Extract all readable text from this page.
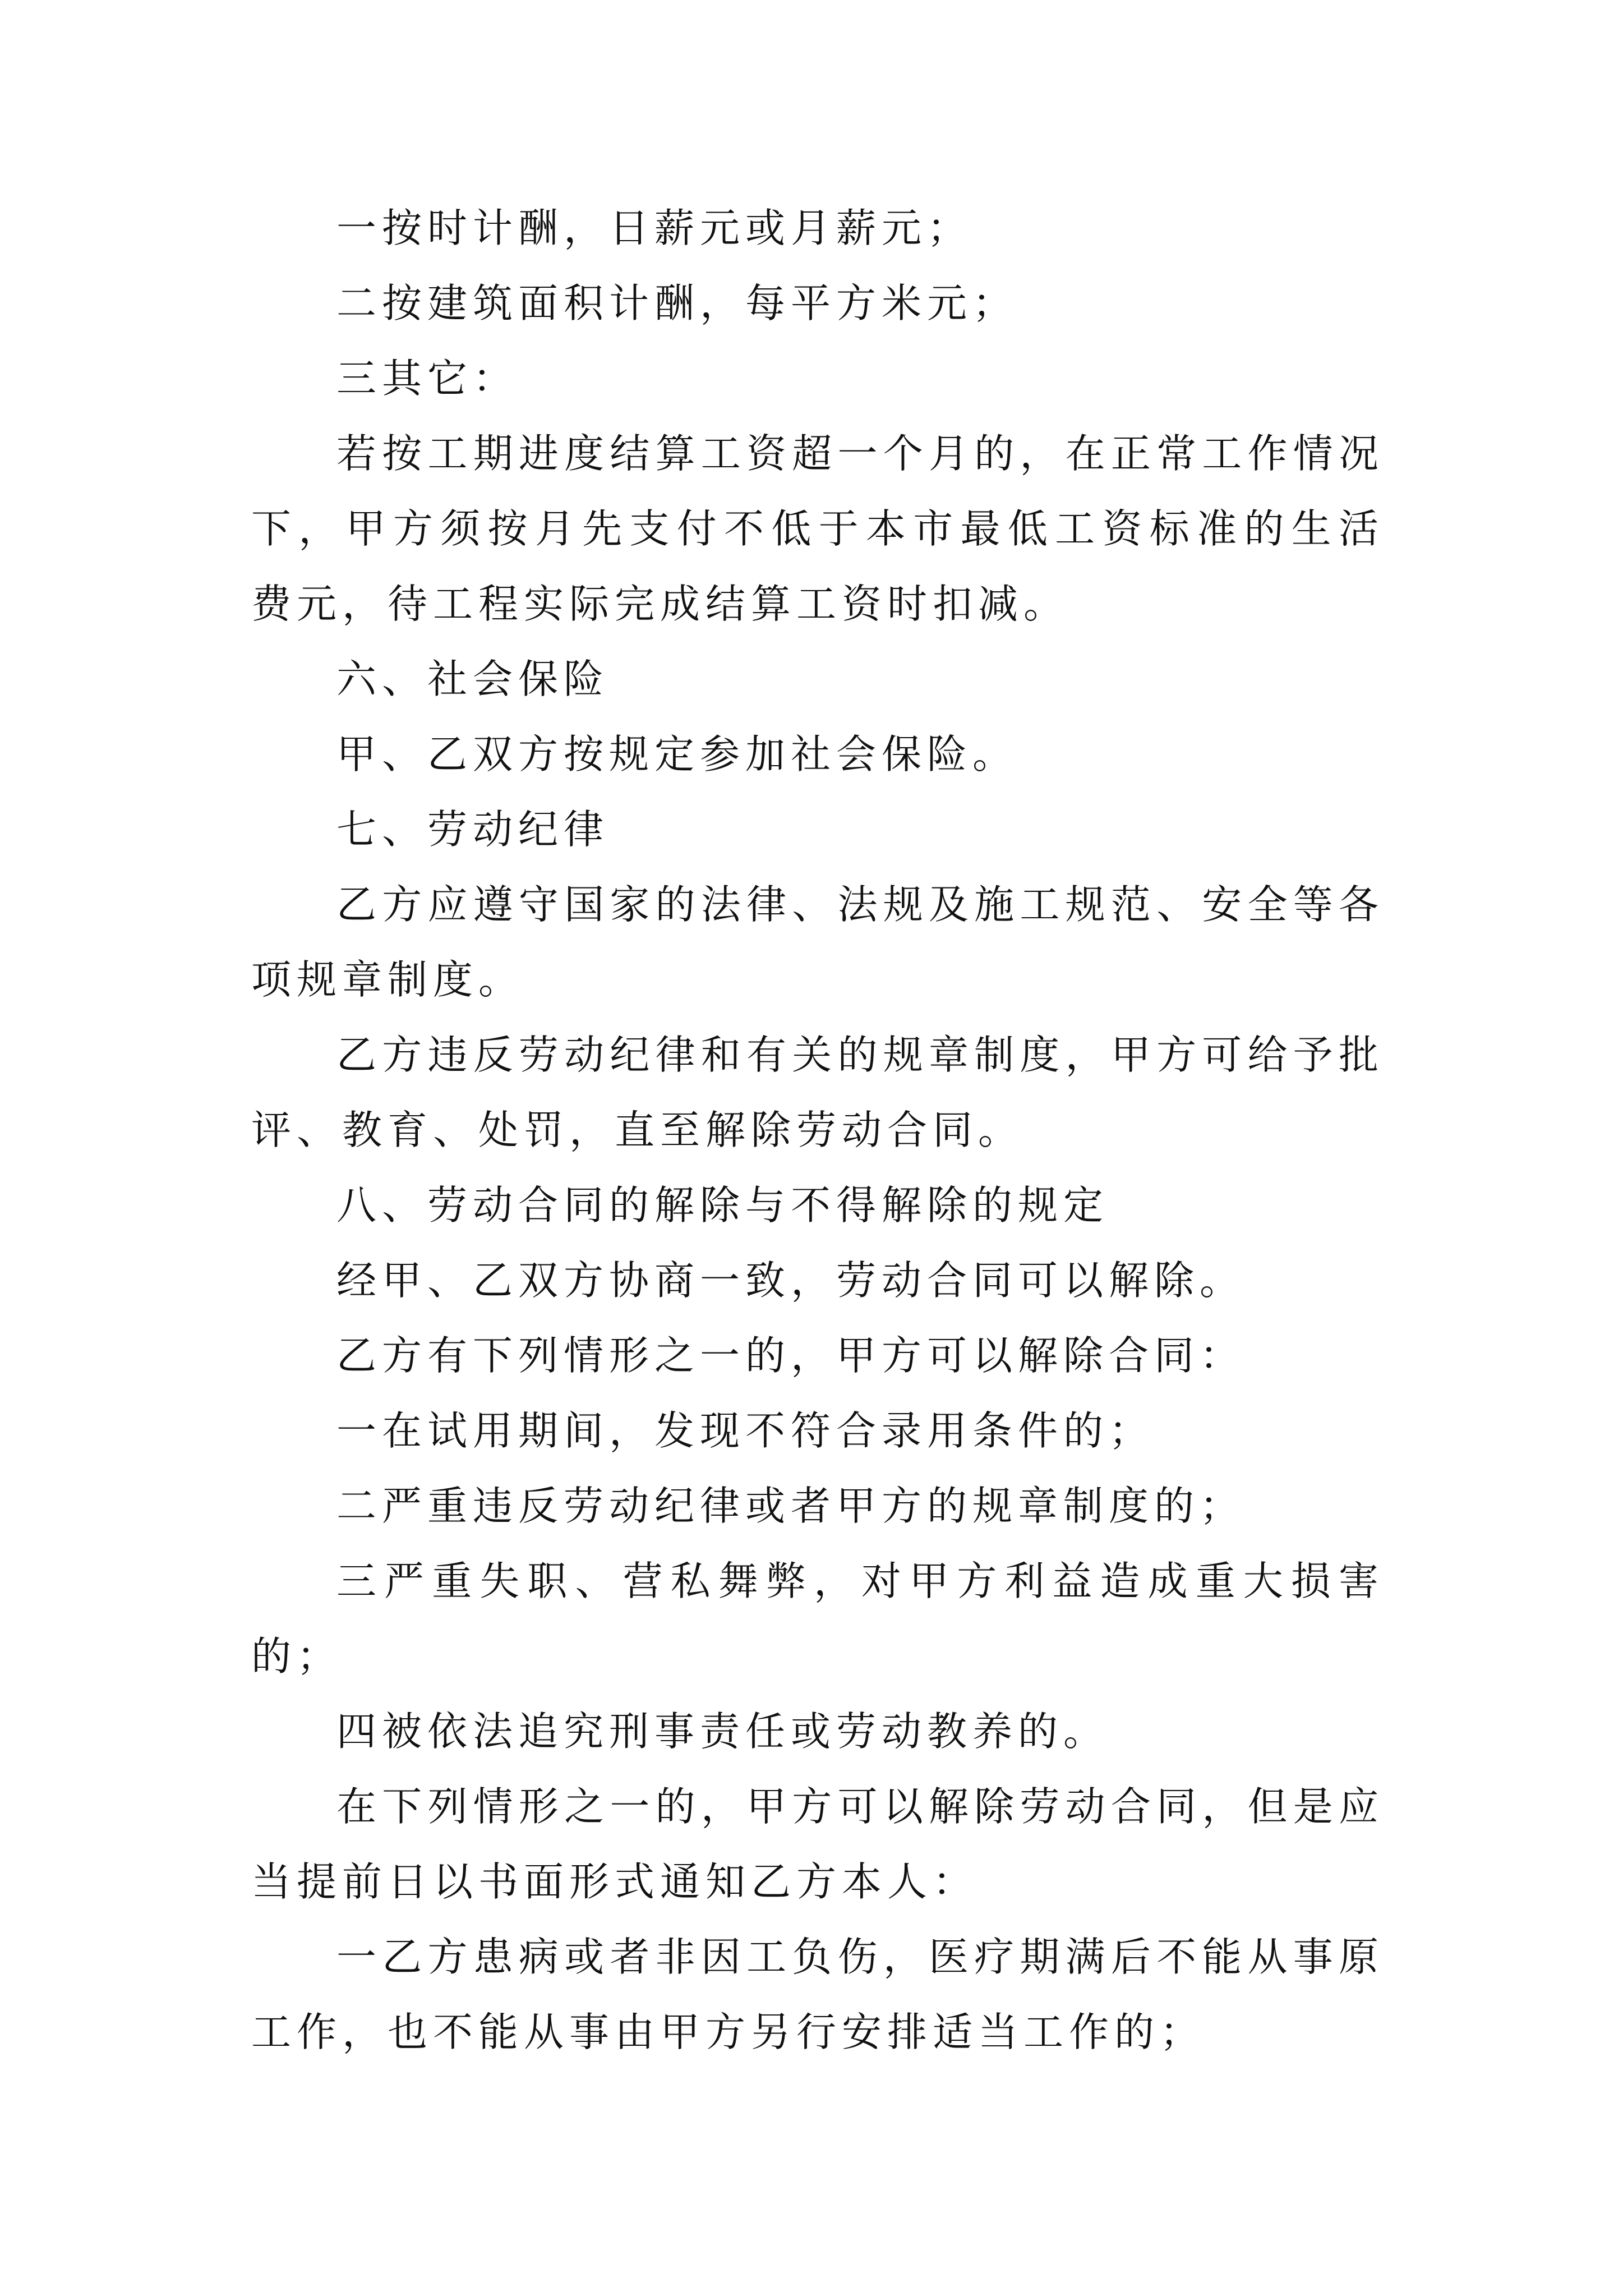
一按时计酬，日薪元或月薪元；

二按建筑面积计酬，每平方米元；

三其它：

若按工期进度结算工资超一个月的，在正常工作情况下，甲方须按月先支付不低于本市最低工资标准的生活费元，待工程实际完成结算工资时扣减。

六、社会保险

甲、乙双方按规定参加社会保险。

七、劳动纪律

乙方应遵守国家的法律、法规及施工规范、安全等各项规章制度。

乙方违反劳动纪律和有关的规章制度，甲方可给予批评、教育、处罚，直至解除劳动合同。

八、劳动合同的解除与不得解除的规定

经甲、乙双方协商一致，劳动合同可以解除。

乙方有下列情形之一的，甲方可以解除合同：

一在试用期间，发现不符合录用条件的；

二严重违反劳动纪律或者甲方的规章制度的；

三严重失职、营私舞弊，对甲方利益造成重大损害的；

四被依法追究刑事责任或劳动教养的。

在下列情形之一的，甲方可以解除劳动合同，但是应当提前日以书面形式通知乙方本人：

一乙方患病或者非因工负伤，医疗期满后不能从事原工作，也不能从事由甲方另行安排适当工作的；
